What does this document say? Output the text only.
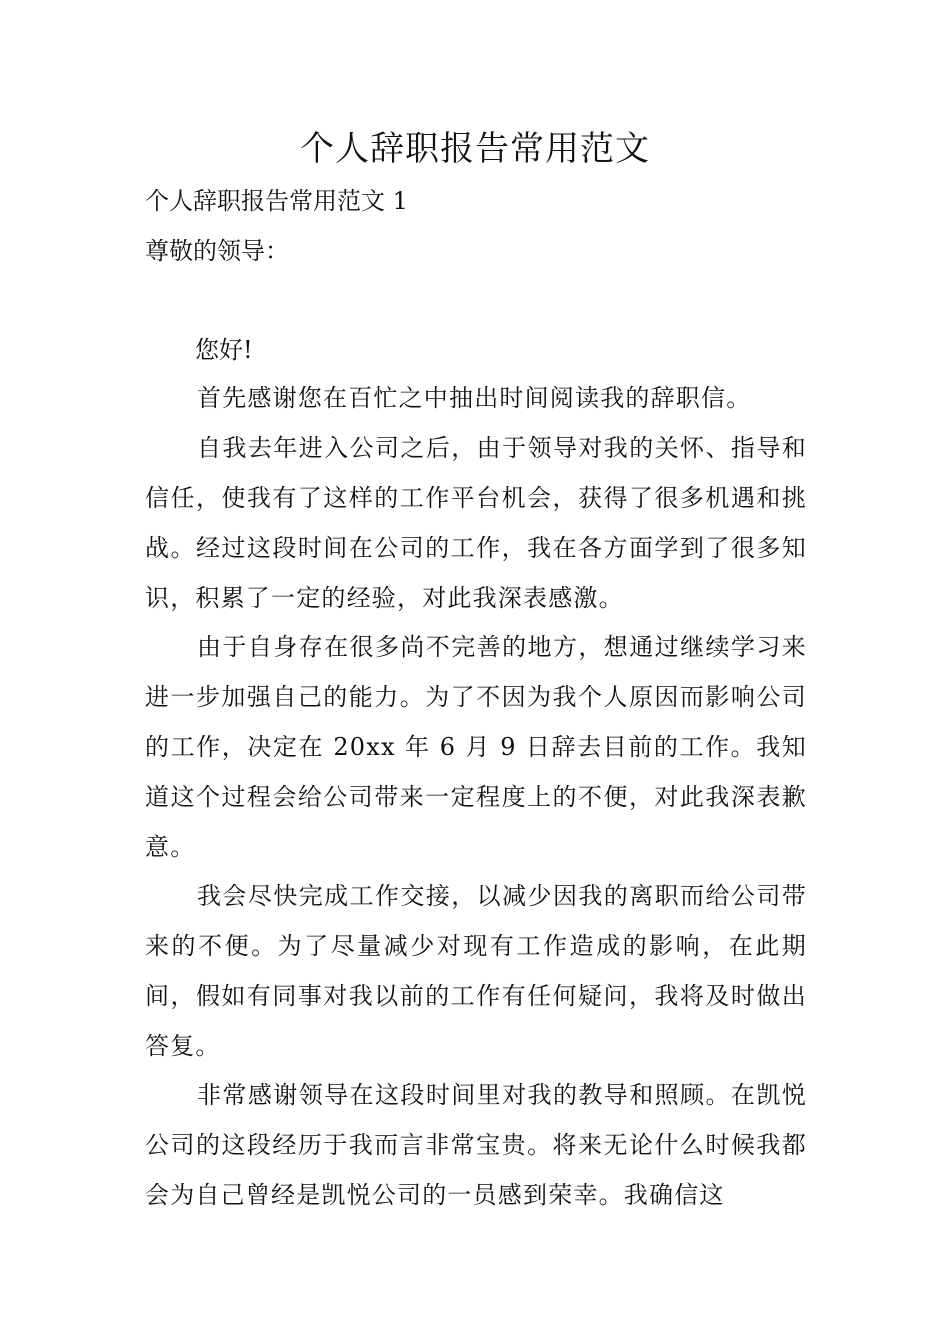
个人辞职报告常用范文
个人辞职报告常用范文 1
尊敬的领导：
您好!
首先感谢您在百忙之中抽出时间阅读我的辞职信。
自我去年进入公司之后，由于领导对我的关怀、指导和信任，使我有了这样的工作平台机会，获得了很多机遇和挑战。经过这段时间在公司的工作，我在各方面学到了很多知识，积累了一定的经验，对此我深表感激。
由于自身存在很多尚不完善的地方，想通过继续学习来进一步加强自己的能力。为了不因为我个人原因而影响公司的工作，决定在 20xx 年 6 月 9 日辞去目前的工作。我知道这个过程会给公司带来一定程度上的不便，对此我深表歉意。
我会尽快完成工作交接，以减少因我的离职而给公司带来的不便。为了尽量减少对现有工作造成的影响，在此期间，假如有同事对我以前的工作有任何疑问，我将及时做出答复。
非常感谢领导在这段时间里对我的教导和照顾。在凯悦公司的这段经历于我而言非常宝贵。将来无论什么时候我都会为自己曾经是凯悦公司的一员感到荣幸。我确信这
